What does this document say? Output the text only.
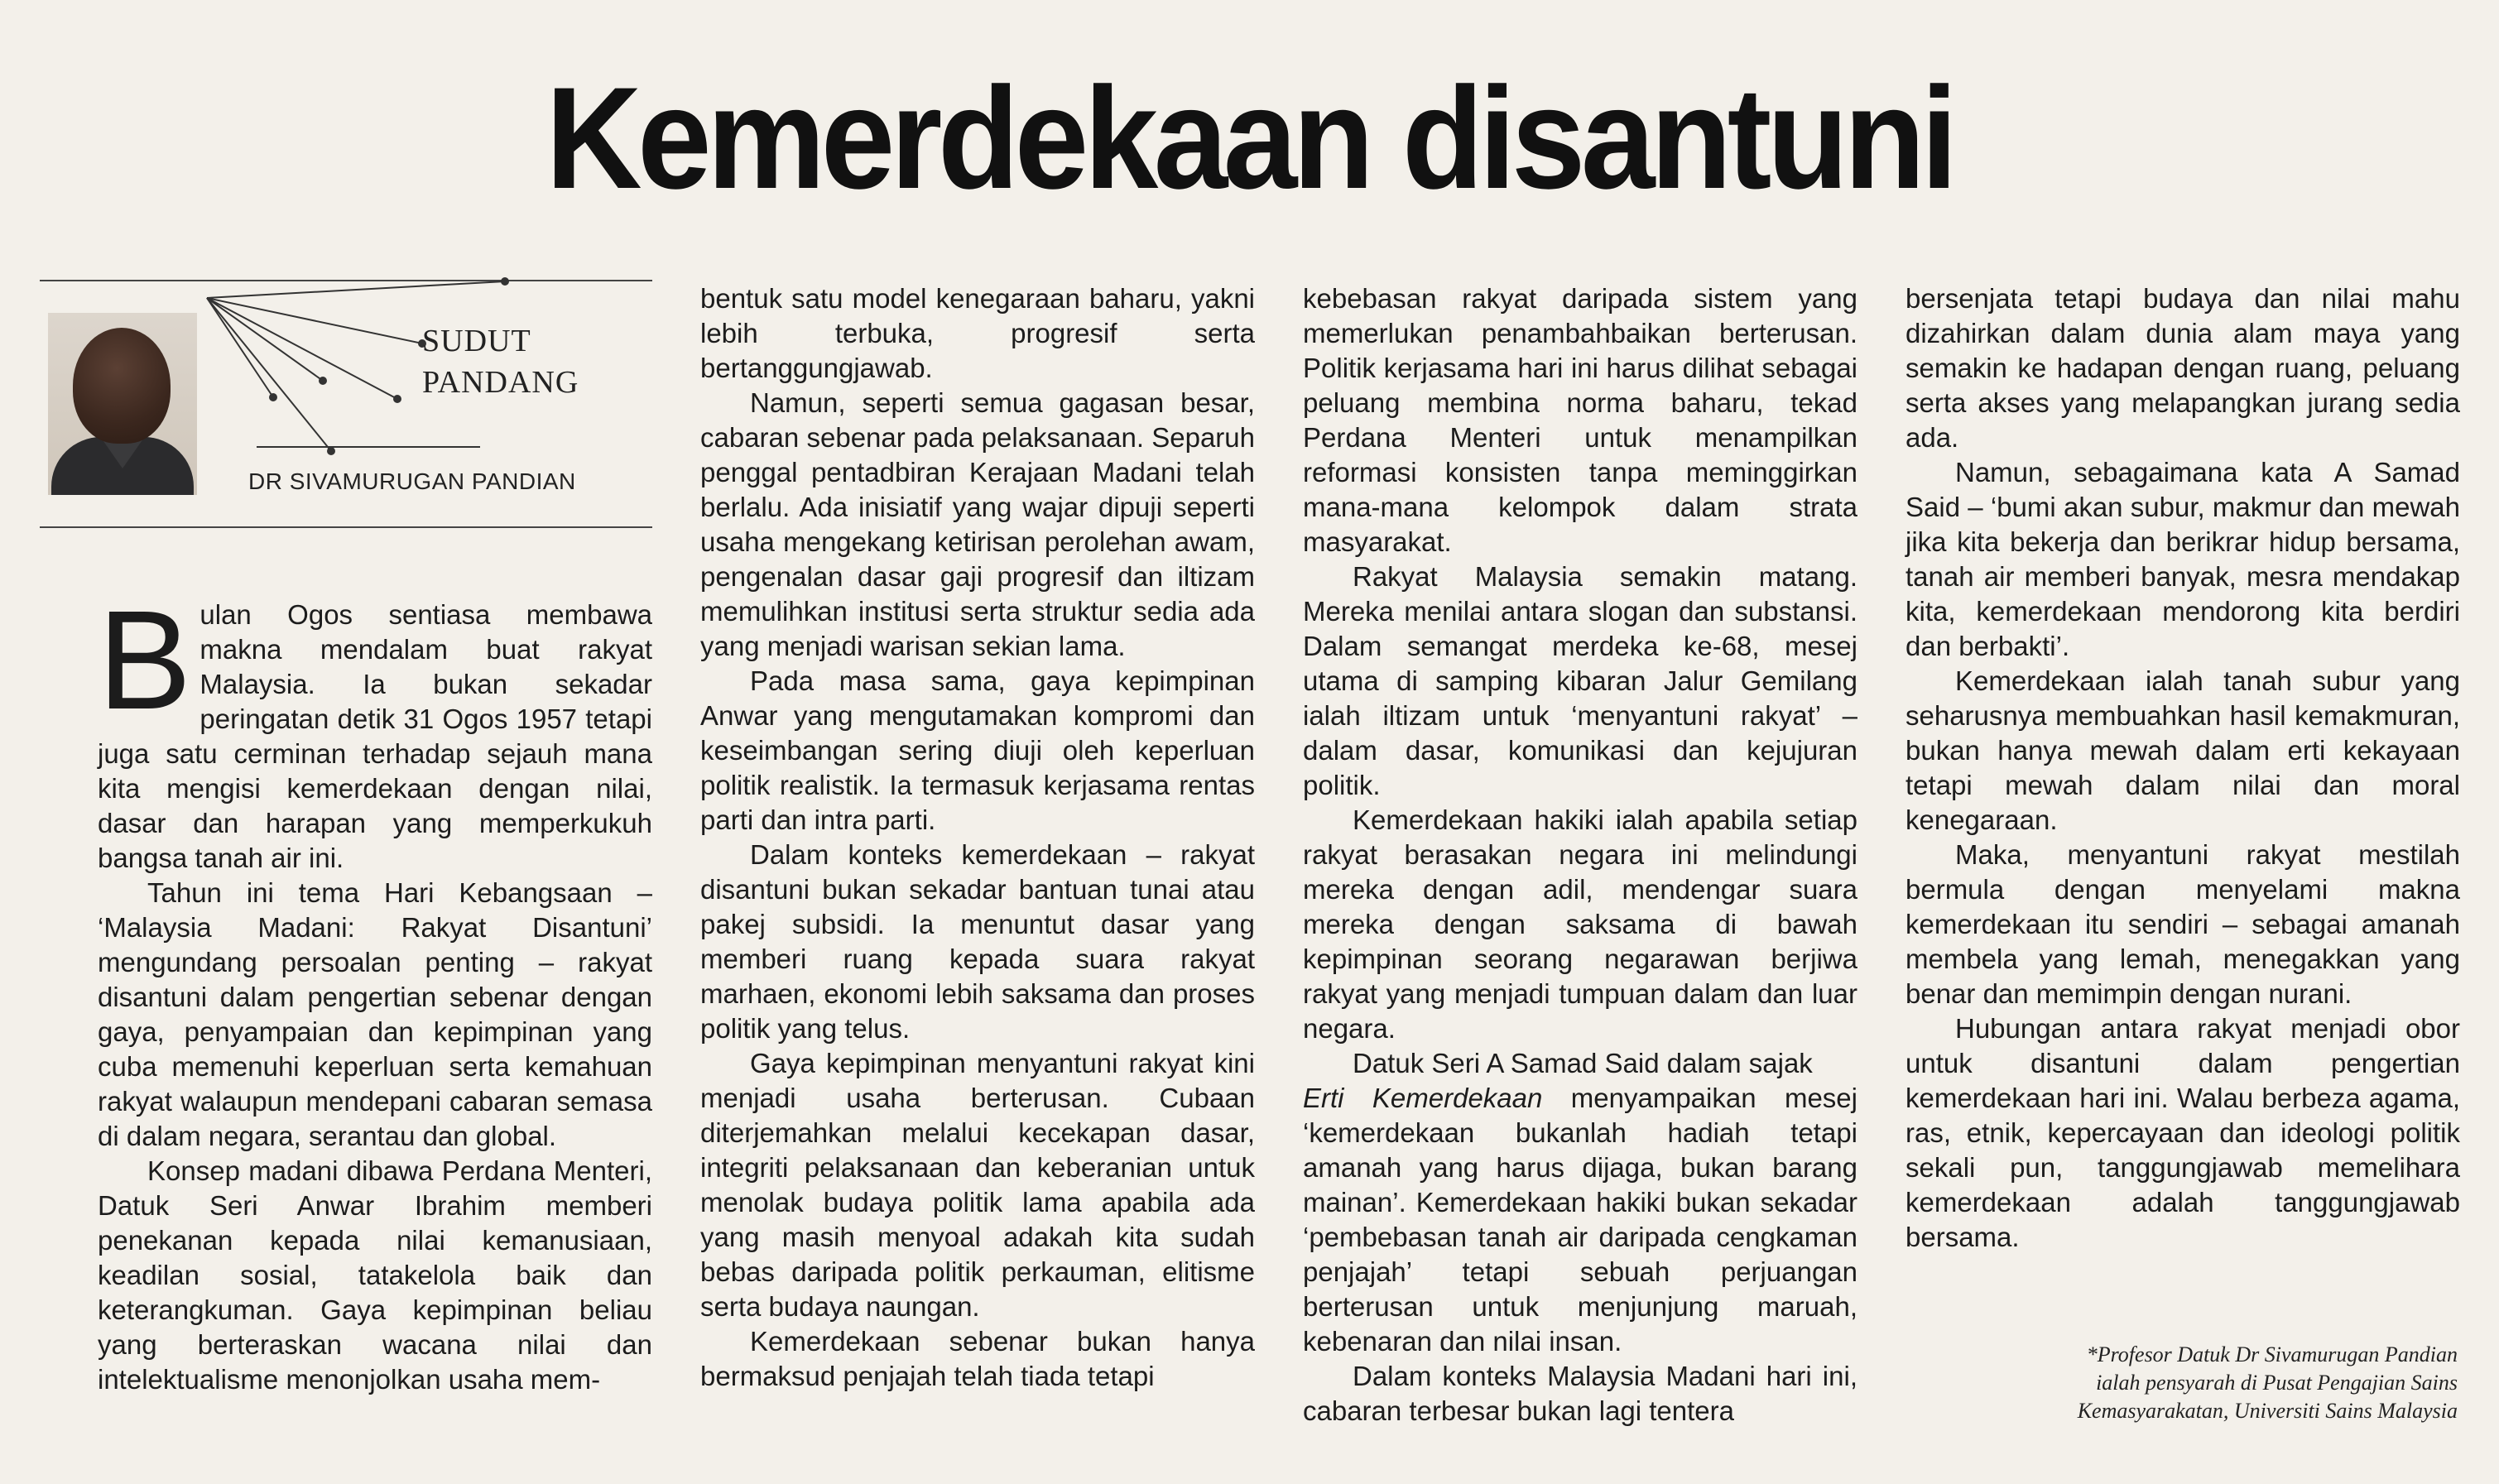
Kemerdekaan disantuni
SUDUT
PANDANG
DR SIVAMURUGAN PANDIAN

Bulan Ogos sentiasa membawa makna mendalam buat rakyat Malaysia. Ia bukan sekadar peringatan detik 31 Ogos 1957 tetapi juga satu cerminan terhadap sejauh mana kita mengisi kemerdekaan dengan nilai, dasar dan harapan yang memperkukuh bangsa tanah air ini.

Tahun ini tema Hari Kebangsaan – ‘Malaysia Madani: Rakyat Disantuni’ mengundang persoalan penting – rakyat disantuni dalam pengertian sebenar dengan gaya, penyampaian dan kepimpinan yang cuba memenuhi keperluan serta kemahuan rakyat walaupun mendepani cabaran semasa di dalam negara, serantau dan global.

Konsep madani dibawa Perdana Menteri, Datuk Seri Anwar Ibrahim memberi penekanan kepada nilai kemanusiaan, keadilan sosial, tatakelola baik dan keterangkuman. Gaya kepimpinan beliau yang berteraskan wacana nilai dan intelektualisme menonjolkan usaha mem-

bentuk satu model kenegaraan baharu, yakni lebih terbuka, progresif serta bertanggungjawab.

Namun, seperti semua gagasan besar, cabaran sebenar pada pelaksanaan. Separuh penggal pentadbiran Kerajaan Madani telah berlalu. Ada inisiatif yang wajar dipuji seperti usaha mengekang ketirisan perolehan awam, pengenalan dasar gaji progresif dan iltizam memulihkan institusi serta struktur sedia ada yang menjadi warisan sekian lama.

Pada masa sama, gaya kepimpinan Anwar yang mengutamakan kompromi dan keseimbangan sering diuji oleh keperluan politik realistik. Ia termasuk kerjasama rentas parti dan intra parti.

Dalam konteks kemerdekaan – rakyat disantuni bukan sekadar bantuan tunai atau pakej subsidi. Ia menuntut dasar yang memberi ruang kepada suara rakyat marhaen, ekonomi lebih saksama dan proses politik yang telus.

Gaya kepimpinan menyantuni rakyat kini menjadi usaha berterusan. Cubaan diterjemahkan melalui kecekapan dasar, integriti pelaksanaan dan keberanian untuk menolak budaya politik lama apabila ada yang masih menyoal adakah kita sudah bebas daripada politik perkauman, elitisme serta budaya naungan.

Kemerdekaan sebenar bukan hanya bermaksud penjajah telah tiada tetapi

kebebasan rakyat daripada sistem yang memerlukan penambahbaikan berterusan. Politik kerjasama hari ini harus dilihat sebagai peluang membina norma baharu, tekad Perdana Menteri untuk menampilkan reformasi konsisten tanpa meminggirkan mana-mana kelompok dalam strata masyarakat.

Rakyat Malaysia semakin matang. Mereka menilai antara slogan dan substansi. Dalam semangat merdeka ke-68, mesej utama di samping kibaran Jalur Gemilang ialah iltizam untuk ‘menyantuni rakyat’ – dalam dasar, komunikasi dan kejujuran politik.

Kemerdekaan hakiki ialah apabila setiap rakyat berasakan negara ini melindungi mereka dengan adil, mendengar suara mereka dengan saksama di bawah kepimpinan seorang negarawan berjiwa rakyat yang menjadi tumpuan dalam dan luar negara.

Datuk Seri A Samad Said dalam sajak
Erti Kemerdekaan menyampaikan mesej ‘kemerdekaan bukanlah hadiah tetapi amanah yang harus dijaga, bukan barang mainan’. Kemerdekaan hakiki bukan sekadar ‘pembebasan tanah air daripada cengkaman penjajah’ tetapi sebuah perjuangan berterusan untuk menjunjung maruah, kebenaran dan nilai insan.

Dalam konteks Malaysia Madani hari ini, cabaran terbesar bukan lagi tentera

bersenjata tetapi budaya dan nilai mahu dizahirkan dalam dunia alam maya yang semakin ke hadapan dengan ruang, peluang serta akses yang melapangkan jurang sedia ada.

Namun, sebagaimana kata A Samad Said – ‘bumi akan subur, makmur dan mewah jika kita bekerja dan berikrar hidup bersama, tanah air memberi banyak, mesra mendakap kita, kemerdekaan mendorong kita berdiri dan berbakti’.

Kemerdekaan ialah tanah subur yang seharusnya membuahkan hasil kemakmuran, bukan hanya mewah dalam erti kekayaan tetapi mewah dalam nilai dan moral kenegaraan.

Maka, menyantuni rakyat mestilah bermula dengan menyelami makna kemerdekaan itu sendiri – sebagai amanah membela yang lemah, menegakkan yang benar dan memimpin dengan nurani.

Hubungan antara rakyat menjadi obor untuk disantuni dalam pengertian kemerdekaan hari ini. Walau berbeza agama, ras, etnik, kepercayaan dan ideologi politik sekali pun, tanggungjawab memelihara kemerdekaan adalah tanggungjawab bersama.

*Profesor Datuk Dr Sivamurugan Pandian
ialah pensyarah di Pusat Pengajian Sains
Kemasyarakatan, Universiti Sains Malaysia
